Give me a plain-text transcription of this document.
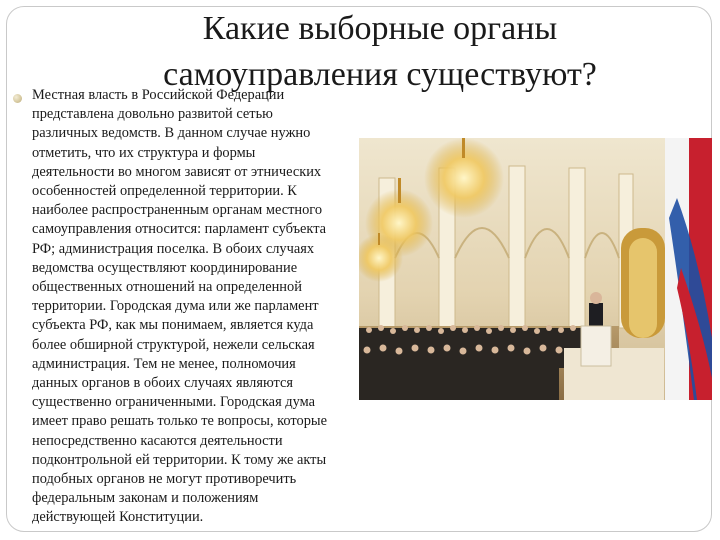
Какие выборные органы
самоуправления существуют?
Местная власть в Российской Федерации
представлена довольно развитой сетью
различных ведомств. В данном случае нужно
отметить, что их структура и формы
деятельности во многом зависят от этнических
особенностей определенной территории. К
наиболее распространенным органам местного
самоуправления относится: парламент субъекта
РФ; администрация поселка. В обоих случаях
ведомства осуществляют координирование
общественных отношений на определенной
территории. Городская дума или же парламент
субъекта РФ, как мы понимаем, является куда
более обширной структурой, нежели сельская
администрация. Тем не менее, полномочия
данных органов в обоих случаях являются
существенно ограниченными. Городская дума
имеет право решать только те вопросы, которые
непосредственно касаются деятельности
подконтрольной ей территории. К тому же акты
подобных органов не могут противоречить
федеральным законам и положениям
действующей Конституции.
